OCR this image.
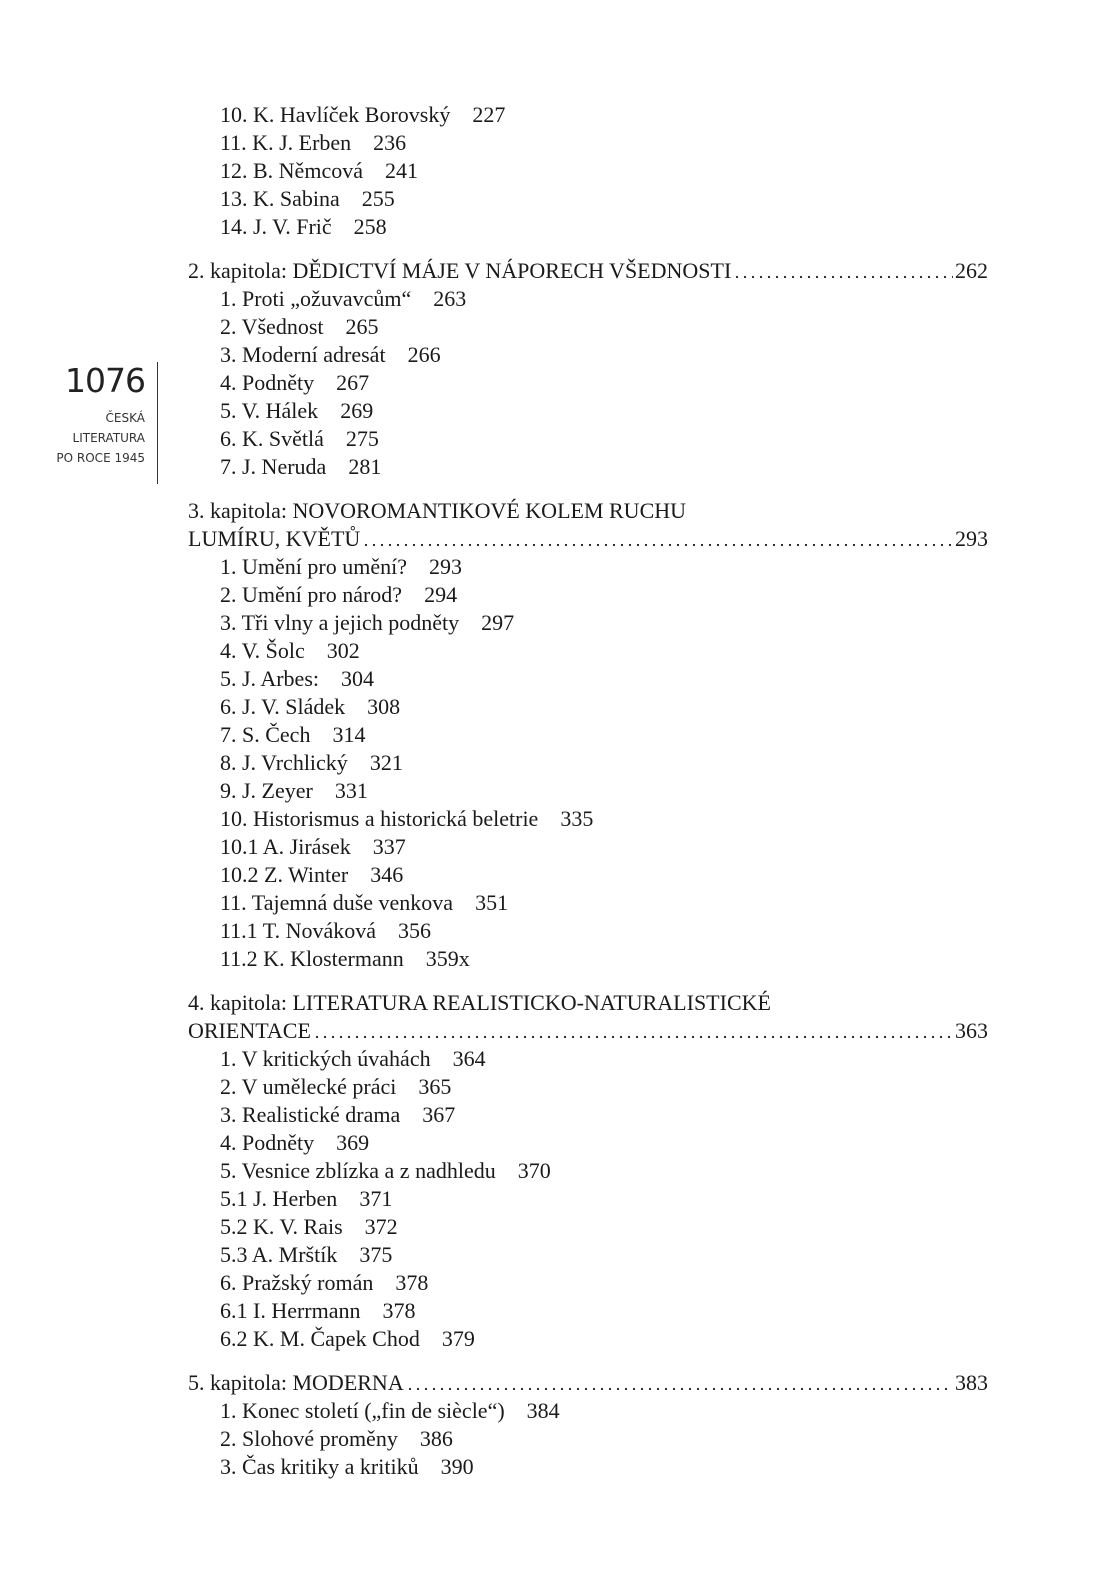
1076
ČESKÁ
LITERATURA
PO ROCE 1945
10. K. Havlíček Borovský 227
11. K. J. Erben 236
12. B. Němcová 241
13. K. Sabina 255
14. J. V. Frič 258
2. kapitola: DĚDICTVÍ MÁJE V NÁPORECH VŠEDNOSTI	262
1. Proti „ožuvavcům“ 263
2. Všednost 265
3. Moderní adresát 266
4. Podněty 267
5. V. Hálek 269
6. K. Světlá 275
7. J. Neruda 281
3. kapitola: NOVOROMANTIKOVÉ KOLEM RUCHU
LUMÍRU, KVĚTŮ	293
1. Umění pro umění? 293
2. Umění pro národ? 294
3. Tři vlny a jejich podněty 297
4. V. Šolc 302
5. J. Arbes: 304
6. J. V. Sládek 308
7. S. Čech 314
8. J. Vrchlický 321
9. J. Zeyer 331
10. Historismus a historická beletrie 335
10.1 A. Jirásek 337
10.2 Z. Winter 346
11. Tajemná duše venkova 351
11.1 T. Nováková 356
11.2 K. Klostermann 359x
4. kapitola: LITERATURA REALISTICKO-NATURALISTICKÉ
ORIENTACE	363
1. V kritických úvahách 364
2. V umělecké práci 365
3. Realistické drama 367
4. Podněty 369
5. Vesnice zblízka a z nadhledu 370
5.1 J. Herben 371
5.2 K. V. Rais 372
5.3 A. Mrštík 375
6. Pražský román 378
6.1 I. Herrmann 378
6.2 K. M. Čapek Chod 379
5. kapitola: MODERNA	383
1. Konec století („fin de siècle“) 384
2. Slohové proměny 386
3. Čas kritiky a kritiků 390
